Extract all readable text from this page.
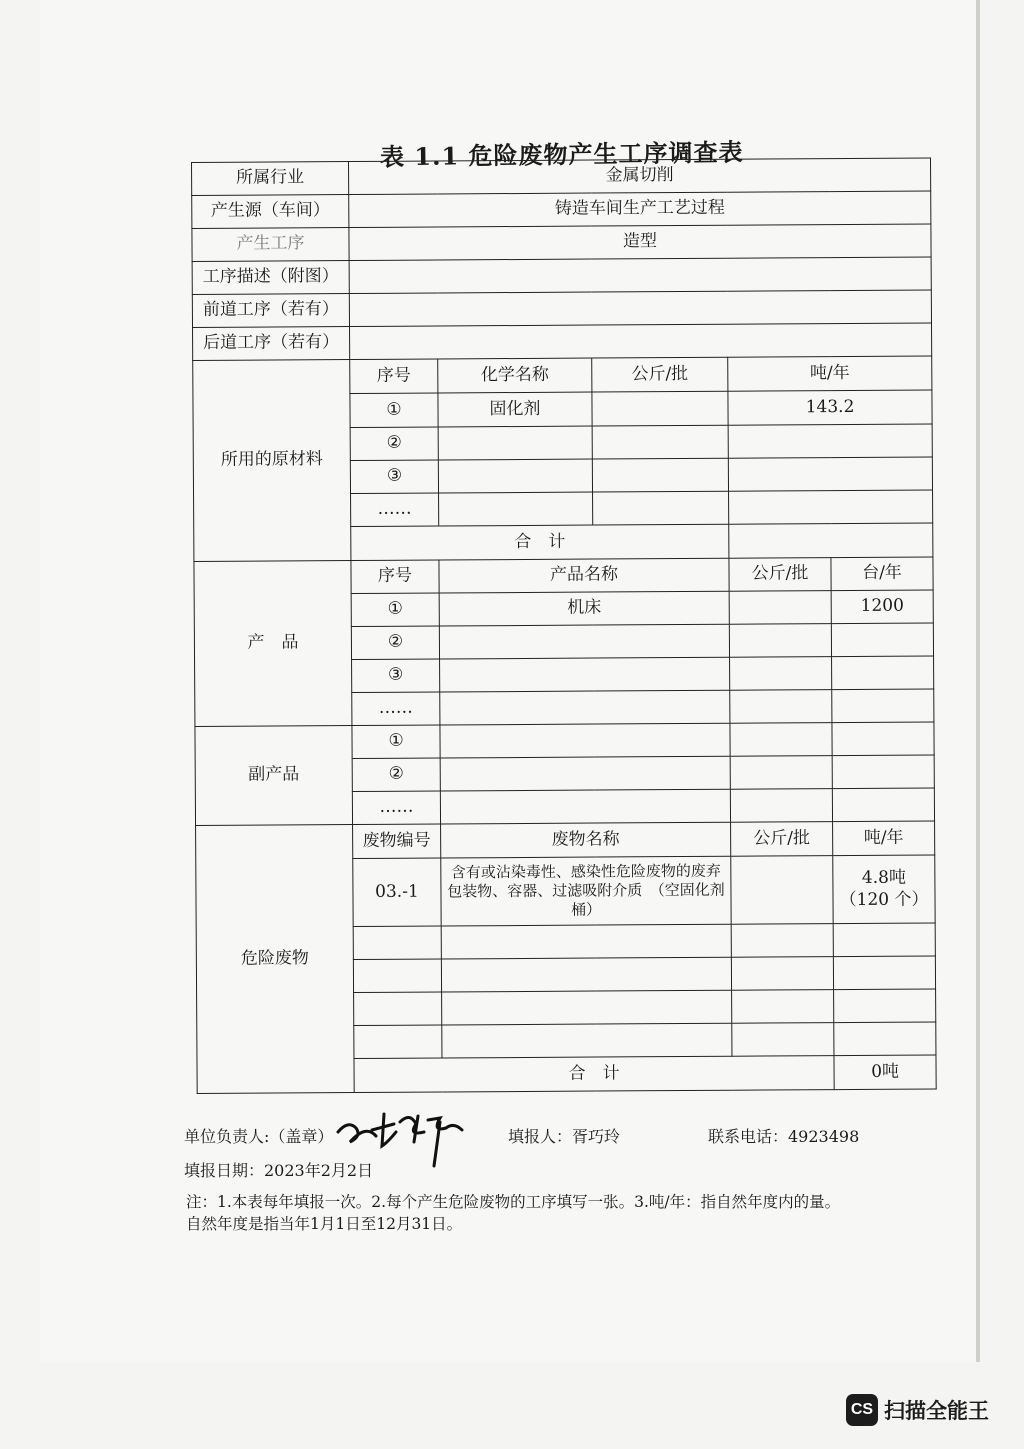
表 1.1 危险废物产生工序调查表
所属行业	金属切削				
产生源（车间）	铸造车间生产工艺过程				
产生工序	造型				
工序描述（附图）					
前道工序（若有）					
后道工序（若有）					
所用的原材料	序号	化学名称	公斤/批	吨/年	
	①	固化剂		143.2	
	②				
	③				
	……				
	合　计				
产　品	序号	产品名称		公斤/批	台/年
	①	机床			1200
	②				
	③				
	……				
副产品	①				
	②				
	……				
危险废物	废物编号	废物名称		公斤/批	吨/年
	03.-1	含有或沾染毒性、感染性危险废物的废弃包装物、容器、过滤吸附介质　（空固化剂桶）			4.8吨
（120 个）

	合　计				0吨
单位负责人:（盖章）	填报人：胥巧玲	联系电话：4923498
填报日期：2023年2月2日
注：1.本表每年填报一次。2.每个产生危险废物的工序填写一张。3.吨/年：指自然年度内的量。
自然年度是指当年1月1日至12月31日。
CS 扫描全能王
